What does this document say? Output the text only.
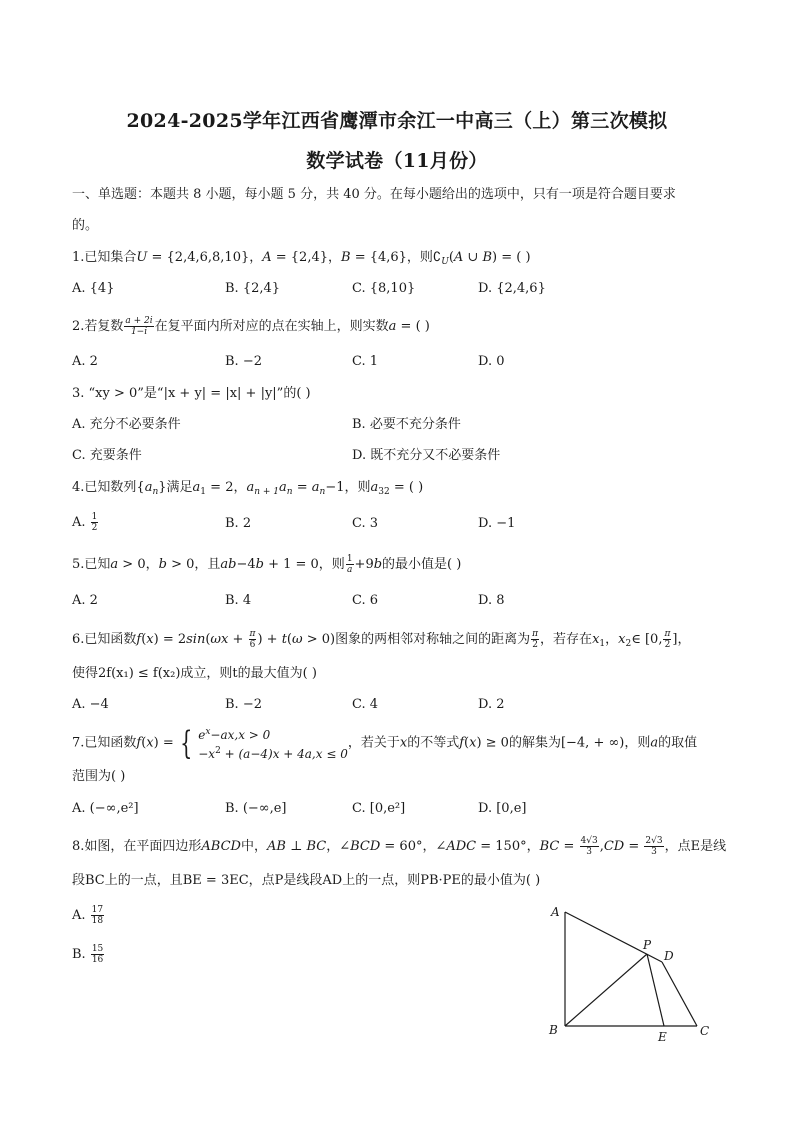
2024-2025学年江西省鹰潭市余江一中高三（上）第三次模拟
数学试卷（11月份）
一、单选题：本题共 8 小题，每小题 5 分，共 40 分。在每小题给出的选项中，只有一项是符合题目要求
的。
1.已知集合U = {2,4,6,8,10}，A = {2,4}，B = {4,6}，则$∁_U(A$ ∪ B) = ( )
A. {4}	B. {2,4}	C. {8,10}	D. {2,4,6}
2.若复数 $\frac{a + 2i}{1-i}$ 在复平面内所对应的点在实轴上，则实数a = ( )
A. 2	B. −2	C. 1	D. 0
3. “xy > 0”是“|x + y| = |x| + |y|”的( )
A. 充分不必要条件	B. 必要不充分条件
C. 充要条件	D. 既不充分又不必要条件
4.已知数列$\{a_n\}$满足$a_1 = 2$，$a_{n + 1}a_n = a_n-1$，则$a_{32}$ = ( )
A. $\frac{1}{2}$	B. 2	C. 3	D. −1
5.已知a > 0，b > 0，且ab−4b + 1 = 0，则 $\frac{1}{a} +9b$的最小值是( )
A. 2	B. 4	C. 6	D. 8
6.已知函数$f(x) = 2\sin(\omega x + \frac{\pi}{6}$ ) + t(ω > 0)图象的两相邻对称轴之间的距离为 $\frac{\pi}{2}$ ，若存在$x_1$，$x_2\in$ [0, $\frac{\pi}{2}$ ]，
使得2f(x₁) ≤ f(x₂)成立，则t的最大值为( )
A. −4	B. −2	C. 4	D. 2
7.已知函数f(x) = { $e^x-ax,x > 0$
$-x^2 + (a-4)x + 4a,x \le 0$
，若关于x的不等式f(x) ≥ 0的解集为[−4, + ∞)，则a的取值
范围为( )
A. (−∞,e²]	B. (−∞,e]	C. [0,e²]	D. [0,e]
8.如图，在平面四边形ABCD中，AB ⊥ BC，∠BCD = 60°，∠ADC = 150°，BC = $\frac{4√3}{3} ,CD = \frac{2√3}{3}$ ，点E是线
段BC上的一点，且BE = 3EC，点P是线段AD上的一点，则PB·PE的最小值为( )
A. $\frac{17}{18}$
B. $\frac{15}{16}$
A
B	C
D
E
P
